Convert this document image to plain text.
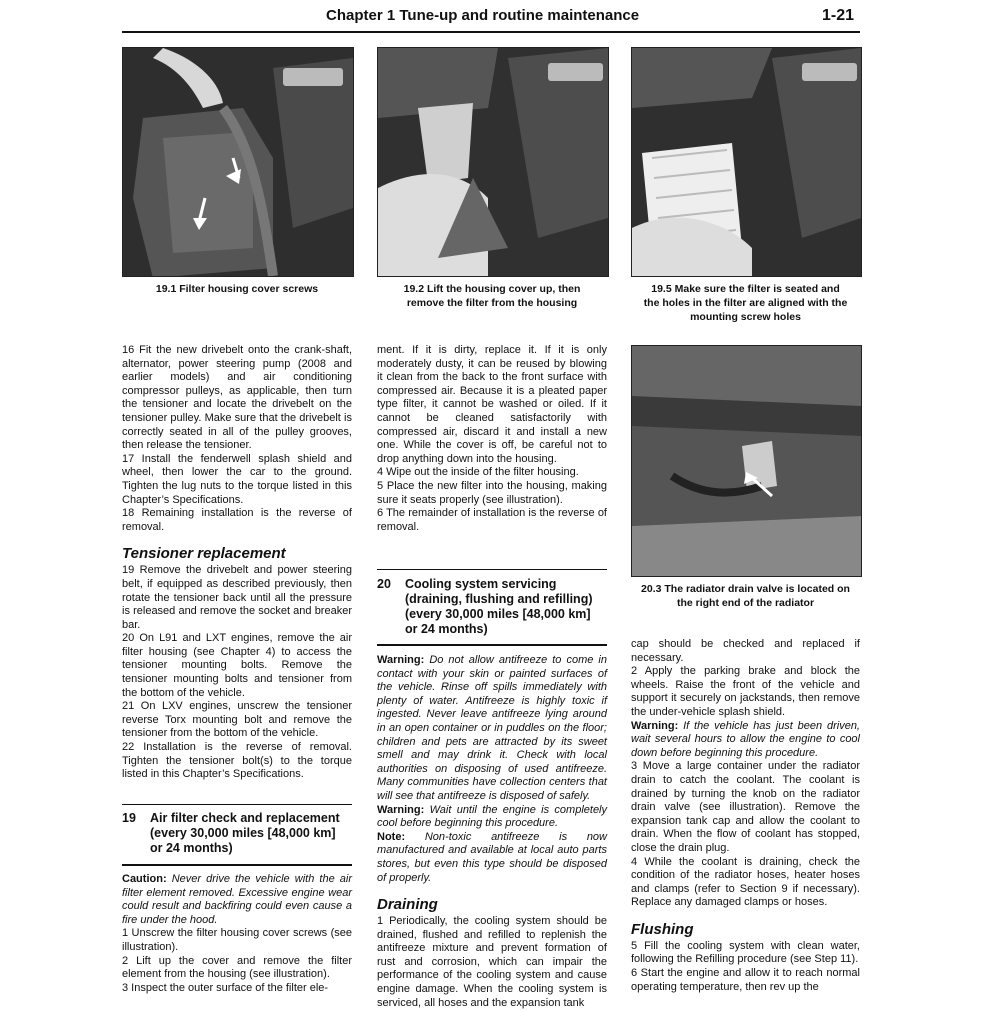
Chapter 1 Tune-up and routine maintenance	1-21
19.1 Filter housing cover screws	19.2 Lift the housing cover up, then
remove the filter from the housing
19.5 Make sure the filter is seated and
the holes in the filter are aligned with the
mounting screw holes
20.3 The radiator drain valve is located on
the right end of the radiator

16 Fit the new drivebelt onto the crank-shaft, alternator, power steering pump (2008 and earlier models) and air conditioning compressor pulleys, as applicable, then turn the tensioner and locate the drivebelt on the tensioner pulley. Make sure that the drivebelt is correctly seated in all of the pulley grooves, then release the tensioner.

17 Install the fenderwell splash shield and wheel, then lower the car to the ground. Tighten the lug nuts to the torque listed in this Chapter’s Specifications.

18 Remaining installation is the reverse of removal.

Tensioner replacement

19 Remove the drivebelt and power steering belt, if equipped as described previously, then rotate the tensioner back until all the pressure is released and remove the socket and breaker bar.

20 On L91 and LXT engines, remove the air filter housing (see Chapter 4) to access the tensioner mounting bolts. Remove the tensioner mounting bolts and tensioner from the bottom of the vehicle.

21 On LXV engines, unscrew the tensioner reverse Torx mounting bolt and remove the tensioner from the bottom of the vehicle.

22 Installation is the reverse of removal. Tighten the tensioner bolt(s) to the torque listed in this Chapter’s Specifications.

19 Air filter check and replacement
(every 30,000 miles [48,000 km]
or 24 months)

Caution: Never drive the vehicle with the air filter element removed. Excessive engine wear could result and backfiring could even cause a fire under the hood.

1 Unscrew the filter housing cover screws (see illustration).

2 Lift up the cover and remove the filter element from the housing (see illustration).

3 Inspect the outer surface of the filter ele-

ment. If it is dirty, replace it. If it is only moderately dusty, it can be reused by blowing it clean from the back to the front surface with compressed air. Because it is a pleated paper type filter, it cannot be washed or oiled. If it cannot be cleaned satisfactorily with compressed air, discard it and install a new one. While the cover is off, be careful not to drop anything down into the housing.

4 Wipe out the inside of the filter housing.

5 Place the new filter into the housing, making sure it seats properly (see illustration).

6 The remainder of installation is the reverse of removal.

20 Cooling system servicing
(draining, flushing and refilling)
(every 30,000 miles [48,000 km]
or 24 months)

Warning: Do not allow antifreeze to come in contact with your skin or painted surfaces of the vehicle. Rinse off spills immediately with plenty of water. Antifreeze is highly toxic if ingested. Never leave antifreeze lying around in an open container or in puddles on the floor; children and pets are attracted by its sweet smell and may drink it. Check with local authorities on disposing of used antifreeze. Many communities have collection centers that will see that antifreeze is disposed of safely.

Warning: Wait until the engine is completely cool before beginning this procedure.

Note: Non-toxic antifreeze is now manufactured and available at local auto parts stores, but even this type should be disposed of properly.

Draining

1 Periodically, the cooling system should be drained, flushed and refilled to replenish the antifreeze mixture and prevent formation of rust and corrosion, which can impair the performance of the cooling system and cause engine damage. When the cooling system is serviced, all hoses and the expansion tank

cap should be checked and replaced if necessary.

2 Apply the parking brake and block the wheels. Raise the front of the vehicle and support it securely on jackstands, then remove the under-vehicle splash shield.

Warning: If the vehicle has just been driven, wait several hours to allow the engine to cool down before beginning this procedure.

3 Move a large container under the radiator drain to catch the coolant. The coolant is drained by turning the knob on the radiator drain valve (see illustration). Remove the expansion tank cap and allow the coolant to drain. When the flow of coolant has stopped, close the drain plug.

4 While the coolant is draining, check the condition of the radiator hoses, heater hoses and clamps (refer to Section 9 if necessary). Replace any damaged clamps or hoses.

Flushing

5 Fill the cooling system with clean water, following the Refilling procedure (see Step 11).

6 Start the engine and allow it to reach normal operating temperature, then rev up the
